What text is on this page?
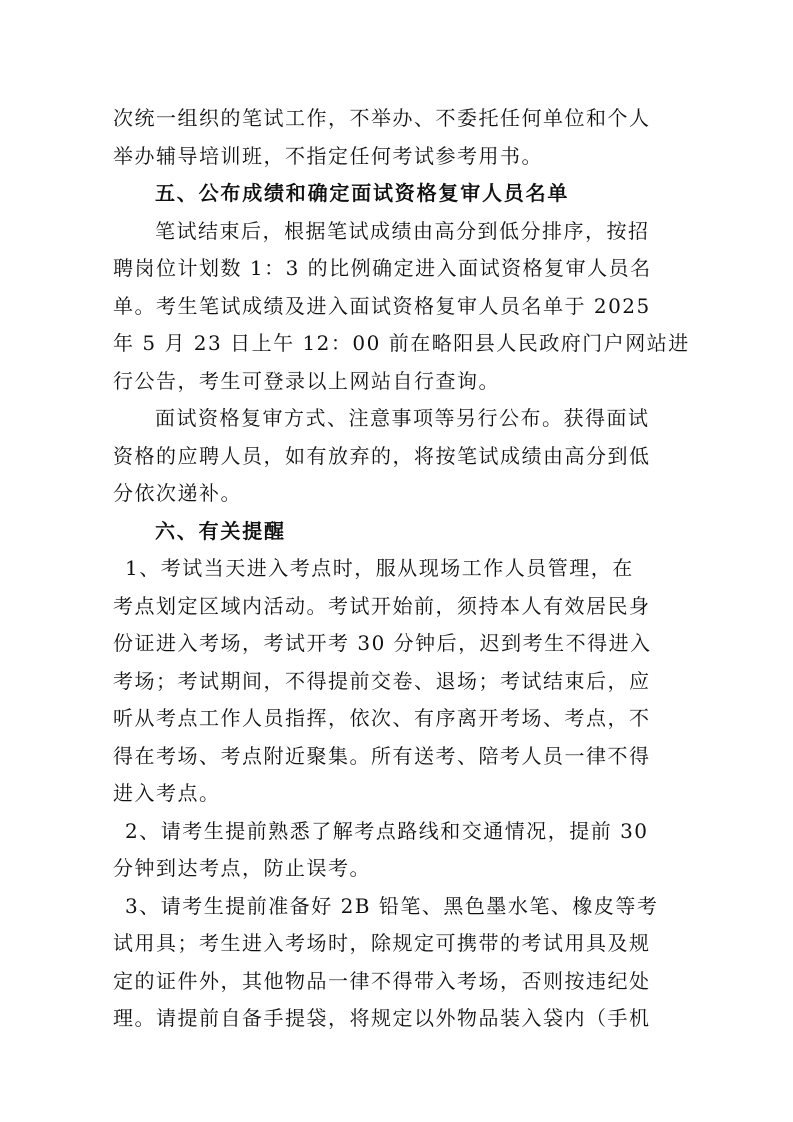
次统一组织的笔试工作，不举办、不委托任何单位和个人
举办辅导培训班，不指定任何考试参考用书。
五、公布成绩和确定面试资格复审人员名单
笔试结束后，根据笔试成绩由高分到低分排序，按招
聘岗位计划数 1：3 的比例确定进入面试资格复审人员名
单。考生笔试成绩及进入面试资格复审人员名单于 2025
年 5 月 23 日上午 12：00 前在略阳县人民政府门户网站进
行公告，考生可登录以上网站自行查询。
面试资格复审方式、注意事项等另行公布。获得面试
资格的应聘人员，如有放弃的，将按笔试成绩由高分到低
分依次递补。
六、有关提醒
1、考试当天进入考点时，服从现场工作人员管理，在
考点划定区域内活动。考试开始前，须持本人有效居民身
份证进入考场，考试开考 30 分钟后，迟到考生不得进入
考场；考试期间，不得提前交卷、退场；考试结束后，应
听从考点工作人员指挥，依次、有序离开考场、考点，不
得在考场、考点附近聚集。所有送考、陪考人员一律不得
进入考点。
2、请考生提前熟悉了解考点路线和交通情况，提前 30
分钟到达考点，防止误考。
3、请考生提前准备好 2B 铅笔、黑色墨水笔、橡皮等考
试用具；考生进入考场时，除规定可携带的考试用具及规
定的证件外，其他物品一律不得带入考场，否则按违纪处
理。请提前自备手提袋，将规定以外物品装入袋内（手机
